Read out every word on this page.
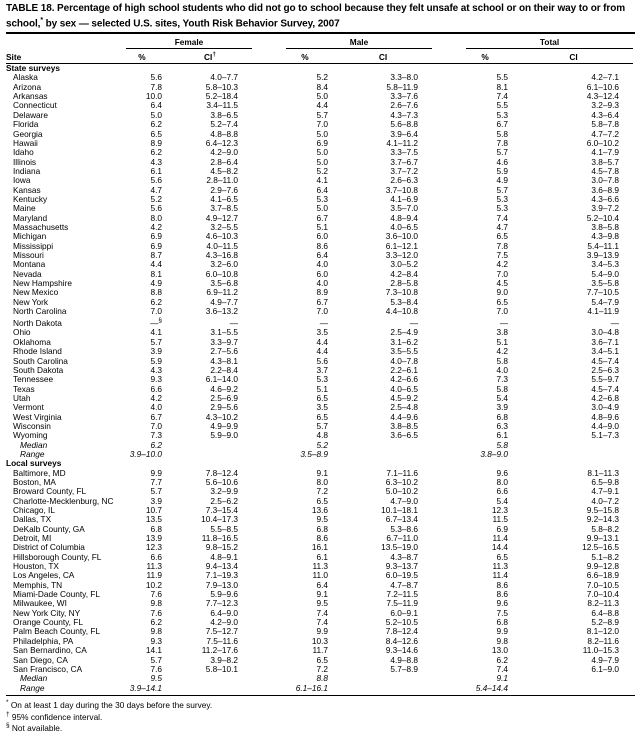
TABLE 18. Percentage of high school students who did not go to school because they felt unsafe at school or on their way to or from school,* by sex — selected U.S. sites, Youth Risk Behavior Survey, 2007
	Female			Male			Total	
Site	%	CI†		%	CI		%	CI
State surveys								
Alaska	5.6	4.0–7.7		5.2	3.3–8.0		5.5	4.2–7.1
Arizona	7.8	5.8–10.3		8.4	5.8–11.9		8.1	6.1–10.6
Arkansas	10.0	5.2–18.4		5.0	3.3–7.6		7.4	4.3–12.4
Connecticut	6.4	3.4–11.5		4.4	2.6–7.6		5.5	3.2–9.3
Delaware	5.0	3.8–6.5		5.7	4.3–7.3		5.3	4.3–6.4
Florida	6.2	5.2–7.4		7.0	5.6–8.8		6.7	5.8–7.8
Georgia	6.5	4.8–8.8		5.0	3.9–6.4		5.8	4.7–7.2
Hawaii	8.9	6.4–12.3		6.9	4.1–11.2		7.8	6.0–10.2
Idaho	6.2	4.2–9.0		5.0	3.3–7.5		5.7	4.1–7.9
Illinois	4.3	2.8–6.4		5.0	3.7–6.7		4.6	3.8–5.7
Indiana	6.1	4.5–8.2		5.2	3.7–7.2		5.9	4.5–7.8
Iowa	5.6	2.8–11.0		4.1	2.6–6.3		4.9	3.0–7.8
Kansas	4.7	2.9–7.6		6.4	3.7–10.8		5.7	3.6–8.9
Kentucky	5.2	4.1–6.5		5.3	4.1–6.9		5.3	4.3–6.6
Maine	5.6	3.7–8.5		5.0	3.5–7.0		5.3	3.9–7.2
Maryland	8.0	4.9–12.7		6.7	4.8–9.4		7.4	5.2–10.4
Massachusetts	4.2	3.2–5.5		5.1	4.0–6.5		4.7	3.8–5.8
Michigan	6.9	4.6–10.3		6.0	3.6–10.0		6.5	4.3–9.8
Mississippi	6.9	4.0–11.5		8.6	6.1–12.1		7.8	5.4–11.1
Missouri	8.7	4.3–16.8		6.4	3.3–12.0		7.5	3.9–13.9
Montana	4.4	3.2–6.0		4.0	3.0–5.2		4.2	3.4–5.3
Nevada	8.1	6.0–10.8		6.0	4.2–8.4		7.0	5.4–9.0
New Hampshire	4.9	3.5–6.8		4.0	2.8–5.8		4.5	3.5–5.8
New Mexico	8.8	6.9–11.2		8.9	7.3–10.8		9.0	7.7–10.5
New York	6.2	4.9–7.7		6.7	5.3–8.4		6.5	5.4–7.9
North Carolina	7.0	3.6–13.2		7.0	4.4–10.8		7.0	4.1–11.9
North Dakota	—§	—		—	—		—	—
Ohio	4.1	3.1–5.5		3.5	2.5–4.9		3.8	3.0–4.8
Oklahoma	5.7	3.3–9.7		4.4	3.1–6.2		5.1	3.6–7.1
Rhode Island	3.9	2.7–5.6		4.4	3.5–5.5		4.2	3.4–5.1
South Carolina	5.9	4.3–8.1		5.6	4.0–7.8		5.8	4.5–7.4
South Dakota	4.3	2.2–8.4		3.7	2.2–6.1		4.0	2.5–6.3
Tennessee	9.3	6.1–14.0		5.3	4.2–6.6		7.3	5.5–9.7
Texas	6.6	4.6–9.2		5.1	4.0–6.5		5.8	4.5–7.4
Utah	4.2	2.5–6.9		6.5	4.5–9.2		5.4	4.2–6.8
Vermont	4.0	2.9–5.6		3.5	2.5–4.8		3.9	3.0–4.9
West Virginia	6.7	4.3–10.2		6.5	4.4–9.6		6.8	4.8–9.6
Wisconsin	7.0	4.9–9.9		5.7	3.8–8.5		6.3	4.4–9.0
Wyoming	7.3	5.9–9.0		4.8	3.6–6.5		6.1	5.1–7.3
Median	6.2			5.2			5.8	
Range	3.9–10.0			3.5–8.9			3.8–9.0	
Local surveys								
Baltimore, MD	9.9	7.8–12.4		9.1	7.1–11.6		9.6	8.1–11.3
Boston, MA	7.7	5.6–10.6		8.0	6.3–10.2		8.0	6.5–9.8
Broward County, FL	5.7	3.2–9.9		7.2	5.0–10.2		6.6	4.7–9.1
Charlotte-Mecklenburg, NC	3.9	2.5–6.2		6.5	4.7–9.0		5.4	4.0–7.2
Chicago, IL	10.7	7.3–15.4		13.6	10.1–18.1		12.3	9.5–15.8
Dallas, TX	13.5	10.4–17.3		9.5	6.7–13.4		11.5	9.2–14.3
DeKalb County, GA	6.8	5.5–8.5		6.8	5.3–8.6		6.9	5.8–8.2
Detroit, MI	13.9	11.8–16.5		8.6	6.7–11.0		11.4	9.9–13.1
District of Columbia	12.3	9.8–15.2		16.1	13.5–19.0		14.4	12.5–16.5
Hillsborough County, FL	6.6	4.8–9.1		6.1	4.3–8.7		6.5	5.1–8.2
Houston, TX	11.3	9.4–13.4		11.3	9.3–13.7		11.3	9.9–12.8
Los Angeles, CA	11.9	7.1–19.3		11.0	6.0–19.5		11.4	6.6–18.9
Memphis, TN	10.2	7.9–13.0		6.4	4.7–8.7		8.6	7.0–10.5
Miami-Dade County, FL	7.6	5.9–9.6		9.1	7.2–11.5		8.6	7.0–10.4
Milwaukee, WI	9.8	7.7–12.3		9.5	7.5–11.9		9.6	8.2–11.3
New York City, NY	7.6	6.4–9.0		7.4	6.0–9.1		7.5	6.4–8.8
Orange County, FL	6.2	4.2–9.0		7.4	5.2–10.5		6.8	5.2–8.9
Palm Beach County, FL	9.8	7.5–12.7		9.9	7.8–12.4		9.9	8.1–12.0
Philadelphia, PA	9.3	7.5–11.6		10.3	8.4–12.6		9.8	8.2–11.6
San Bernardino, CA	14.1	11.2–17.6		11.7	9.3–14.6		13.0	11.0–15.3
San Diego, CA	5.7	3.9–8.2		6.5	4.9–8.8		6.2	4.9–7.9
San Francisco, CA	7.6	5.8–10.1		7.2	5.7–8.9		7.4	6.1–9.0
Median	9.5			8.8			9.1	
Range	3.9–14.1			6.1–16.1			5.4–14.4	
* On at least 1 day during the 30 days before the survey.
† 95% confidence interval.
§ Not available.
